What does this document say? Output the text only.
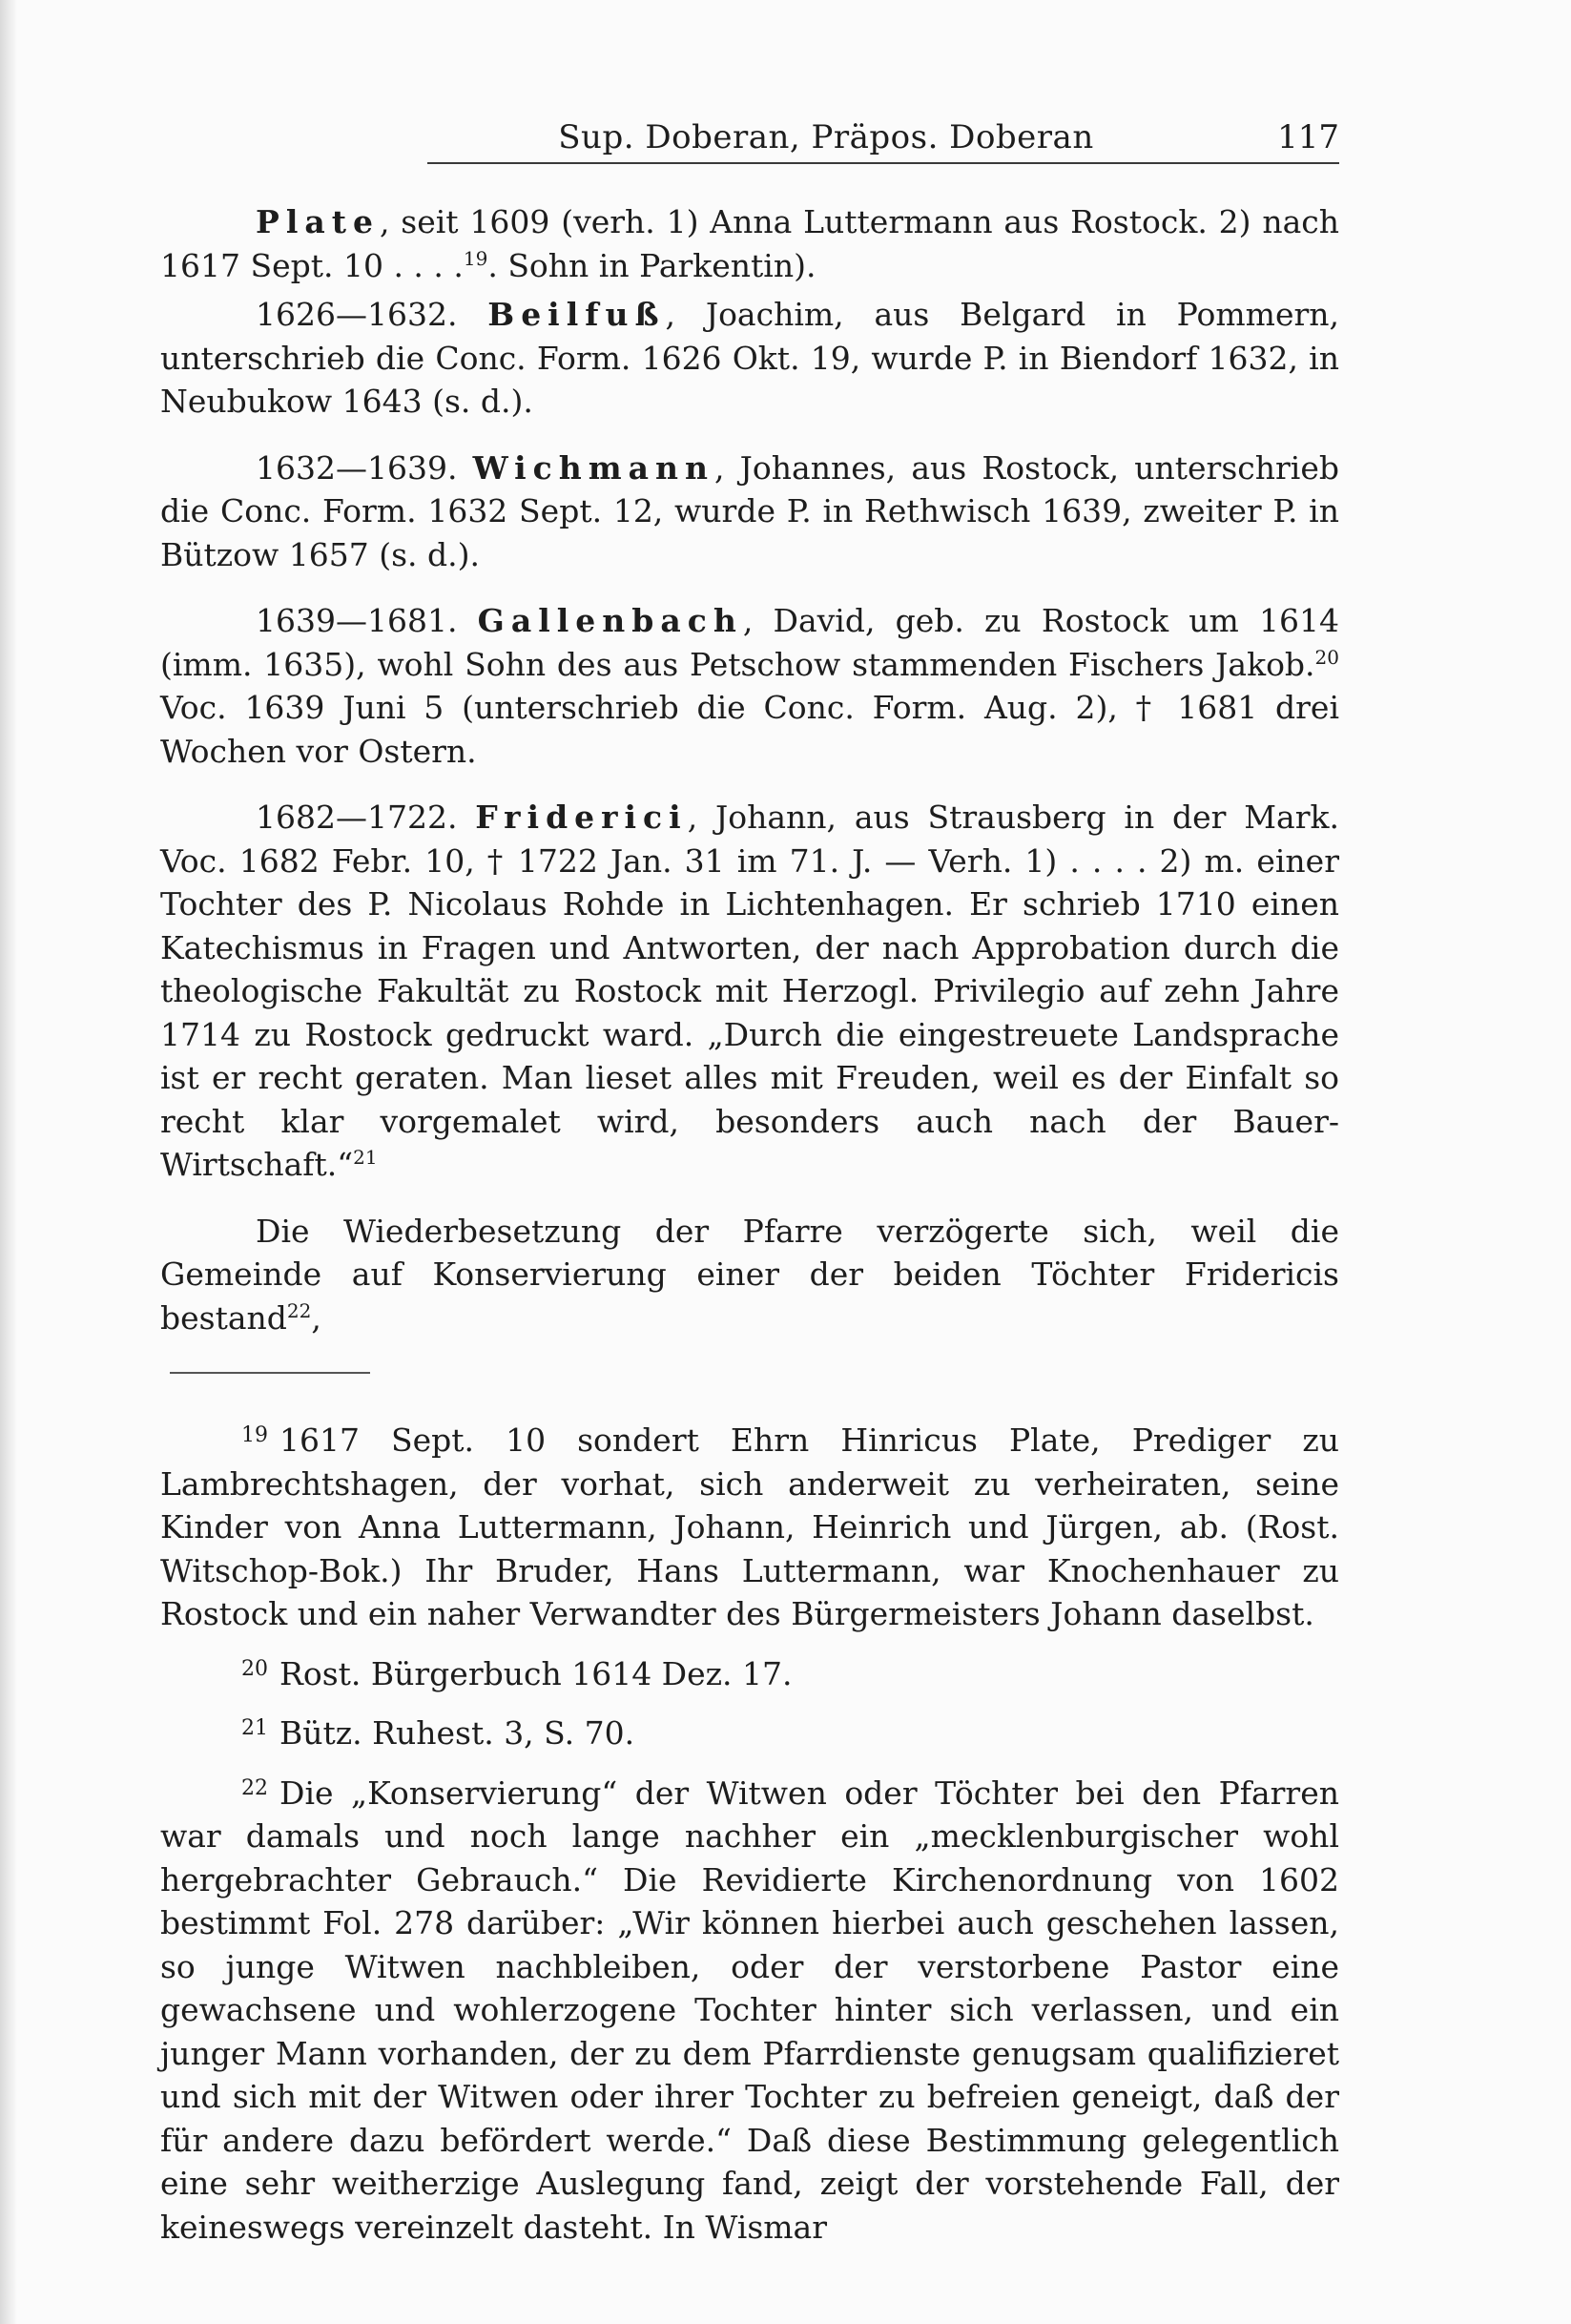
Sup. Doberan, Präpos. Doberan	117

Plate, seit 1609 (verh. 1) Anna Luttermann aus Rostock. 2) nach 1617 Sept. 10 . . . .$^{19}$. Sohn in Parkentin).

1626—1632. Beilfuß, Joachim, aus Belgard in Pommern, unterschrieb die Conc. Form. 1626 Okt. 19, wurde P. in Biendorf 1632, in Neubukow 1643 (s. d.).

1632—1639. Wichmann, Johannes, aus Rostock, unterschrieb die Conc. Form. 1632 Sept. 12, wurde P. in Rethwisch 1639, zweiter P. in Bützow 1657 (s. d.).

1639—1681. Gallenbach, David, geb. zu Rostock um 1614 (imm. 1635), wohl Sohn des aus Petschow stammenden Fischers Jakob.$^{20}$ Voc. 1639 Juni 5 (unterschrieb die Conc. Form. Aug. 2), † 1681 drei Wochen vor Ostern.

1682—1722. Friderici, Johann, aus Strausberg in der Mark. Voc. 1682 Febr. 10, † 1722 Jan. 31 im 71. J. — Verh. 1) . . . . 2) m. einer Tochter des P. Nicolaus Rohde in Lichtenhagen. Er schrieb 1710 einen Katechismus in Fragen und Antworten, der nach Approbation durch die theologische Fakultät zu Rostock mit Herzogl. Privilegio auf zehn Jahre 1714 zu Rostock gedruckt ward. „Durch die eingestreuete Landsprache ist er recht geraten. Man lieset alles mit Freuden, weil es der Einfalt so recht klar vorgemalet wird, besonders auch nach der Bauer-Wirtschaft.“$^{21}$

Die Wiederbesetzung der Pfarre verzögerte sich, weil die Gemeinde auf Konservierung einer der beiden Töchter Fridericis bestand$^{22}$,

$^{19}$ 1617 Sept. 10 sondert Ehrn Hinricus Plate, Prediger zu Lambrechtshagen, der vorhat, sich anderweit zu verheiraten, seine Kinder von Anna Luttermann, Johann, Heinrich und Jürgen, ab. (Rost. Witschop-Bok.) Ihr Bruder, Hans Luttermann, war Knochenhauer zu Rostock und ein naher Verwandter des Bürgermeisters Johann daselbst.

$^{20}$ Rost. Bürgerbuch 1614 Dez. 17.

$^{21}$ Bütz. Ruhest. 3, S. 70.

$^{22}$ Die „Konservierung“ der Witwen oder Töchter bei den Pfarren war damals und noch lange nachher ein „mecklenburgischer wohl hergebrachter Gebrauch.“ Die Revidierte Kirchenordnung von 1602 bestimmt Fol. 278 darüber: „Wir können hierbei auch geschehen lassen, so junge Witwen nachbleiben, oder der verstorbene Pastor eine gewachsene und wohlerzogene Tochter hinter sich verlassen, und ein junger Mann vorhanden, der zu dem Pfarrdienste genugsam qualifizieret und sich mit der Witwen oder ihrer Tochter zu befreien geneigt, daß der für andere dazu befördert werde.“ Daß diese Bestimmung gelegentlich eine sehr weitherzige Auslegung fand, zeigt der vorstehende Fall, der keineswegs vereinzelt dasteht. In Wismar
